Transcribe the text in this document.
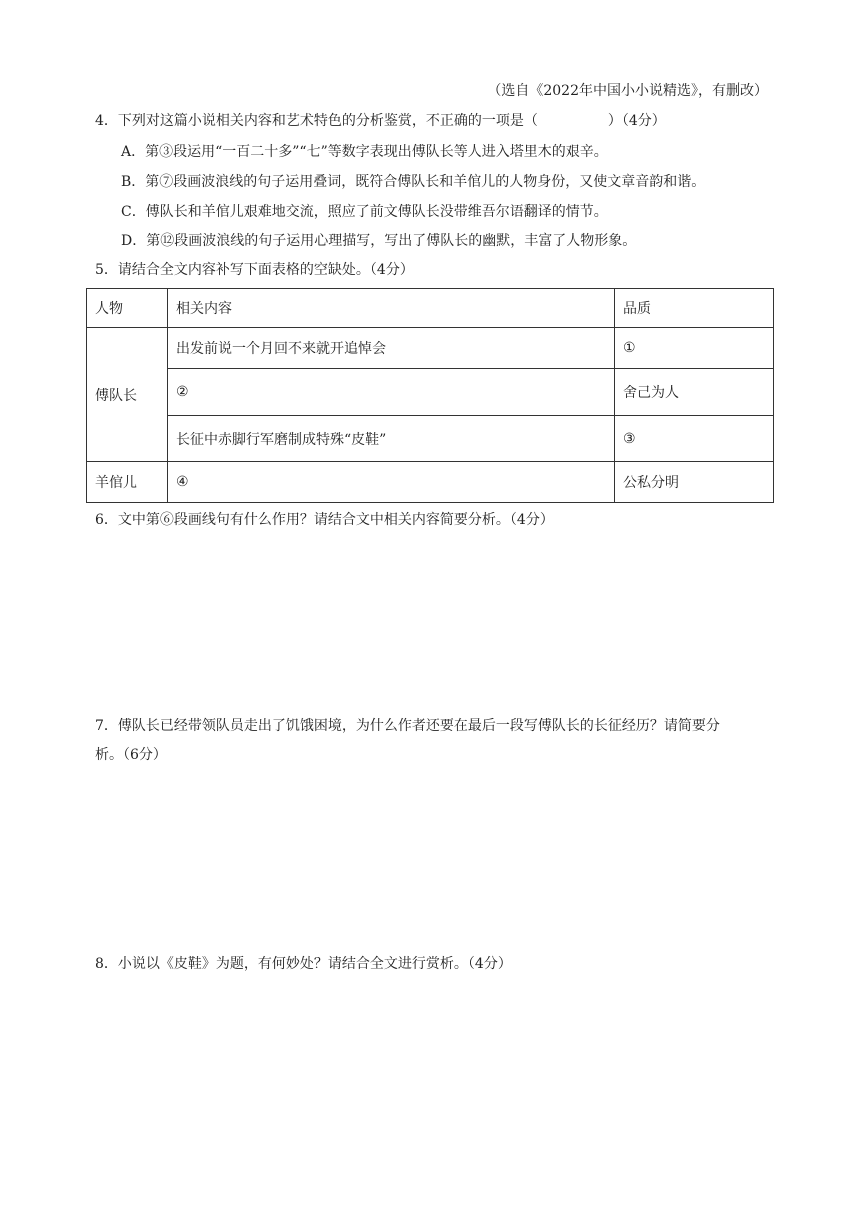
（选自《2022年中国小小说精选》，有删改）
4．下列对这篇小说相关内容和艺术特色的分析鉴赏，不正确的一项是（　　　　　）（4分）
A．第③段运用“一百二十多”“七”等数字表现出傅队长等人进入塔里木的艰辛。
B．第⑦段画波浪线的句子运用叠词，既符合傅队长和羊倌儿的人物身份，又使文章音韵和谐。
C．傅队长和羊倌儿艰难地交流，照应了前文傅队长没带维吾尔语翻译的情节。
D．第⑫段画波浪线的句子运用心理描写，写出了傅队长的幽默，丰富了人物形象。
5．请结合全文内容补写下面表格的空缺处。（4分）
人物	相关内容	品质
傅队长	出发前说一个月回不来就开追悼会	①
	②	舍己为人
	长征中赤脚行军磨制成特殊“皮鞋”	③
羊倌儿	④	公私分明
6．文中第⑥段画线句有什么作用？请结合文中相关内容简要分析。（4分）
7．傅队长已经带领队员走出了饥饿困境，为什么作者还要在最后一段写傅队长的长征经历？请简要分
析。（6分）
8．小说以《皮鞋》为题，有何妙处？请结合全文进行赏析。（4分）
